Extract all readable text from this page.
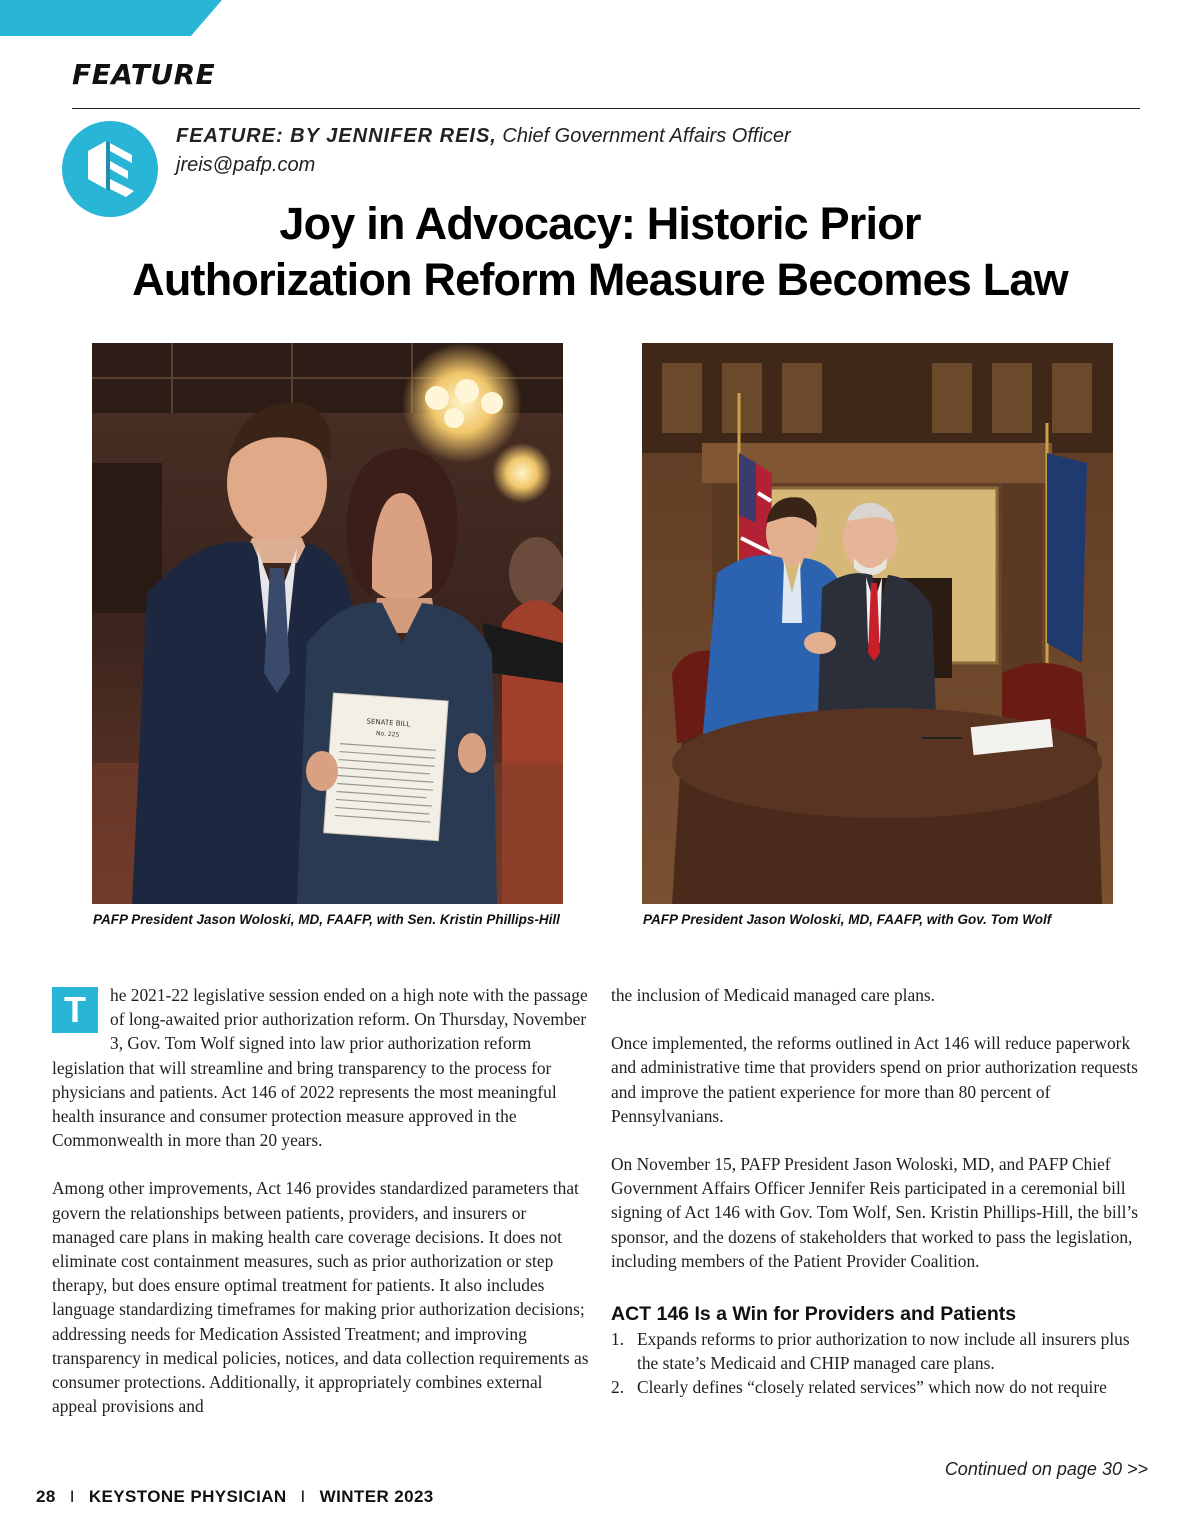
FEATURE
FEATURE: BY JENNIFER REIS, Chief Government Affairs Officer
jreis@pafp.com
Joy in Advocacy: Historic Prior
Authorization Reform Measure Becomes Law
SENATE BILL
No. 225
PAFP President Jason Woloski, MD, FAAFP, with Sen. Kristin Phillips-Hill	PAFP President Jason Woloski, MD, FAAFP, with Gov. Tom Wolf

T	he 2021-22 legislative session ended on a high note with the passage of long-awaited prior authorization reform. On Thursday, November 3, Gov. Tom Wolf signed into law prior authorization reform legislation that will streamline and bring transparency to the process for physicians and patients. Act 146 of 2022 represents the most meaningful health insurance and consumer protection measure approved in the Commonwealth in more than 20 years.

Among other improvements, Act 146 provides standardized parameters that govern the relationships between patients, providers, and insurers or managed care plans in making health care coverage decisions. It does not eliminate cost containment measures, such as prior authorization or step therapy, but does ensure optimal treatment for patients. It also includes language standardizing timeframes for making prior authorization decisions; addressing needs for Medication Assisted Treatment; and improving transparency in medical policies, notices, and data collection requirements as consumer protections. Additionally, it appropriately combines external appeal provisions and

the inclusion of Medicaid managed care plans.

Once implemented, the reforms outlined in Act 146 will reduce paperwork and administrative time that providers spend on prior authorization requests and improve the patient experience for more than 80 percent of Pennsylvanians.

On November 15, PAFP President Jason Woloski, MD, and PAFP Chief Government Affairs Officer Jennifer Reis participated in a ceremonial bill signing of Act 146 with Gov. Tom Wolf, Sen. Kristin Phillips-Hill, the bill’s sponsor, and the dozens of stakeholders that worked to pass the legislation, including members of the Patient Provider Coalition.

ACT 146 Is a Win for Providers and Patients
1. Expands reforms to prior authorization to now include all insurers plus the state’s Medicaid and CHIP managed care plans.
2. Clearly defines “closely related services” which now do not require
Continued on page 30 >>
28 I KEYSTONE PHYSICIAN I WINTER 2023
